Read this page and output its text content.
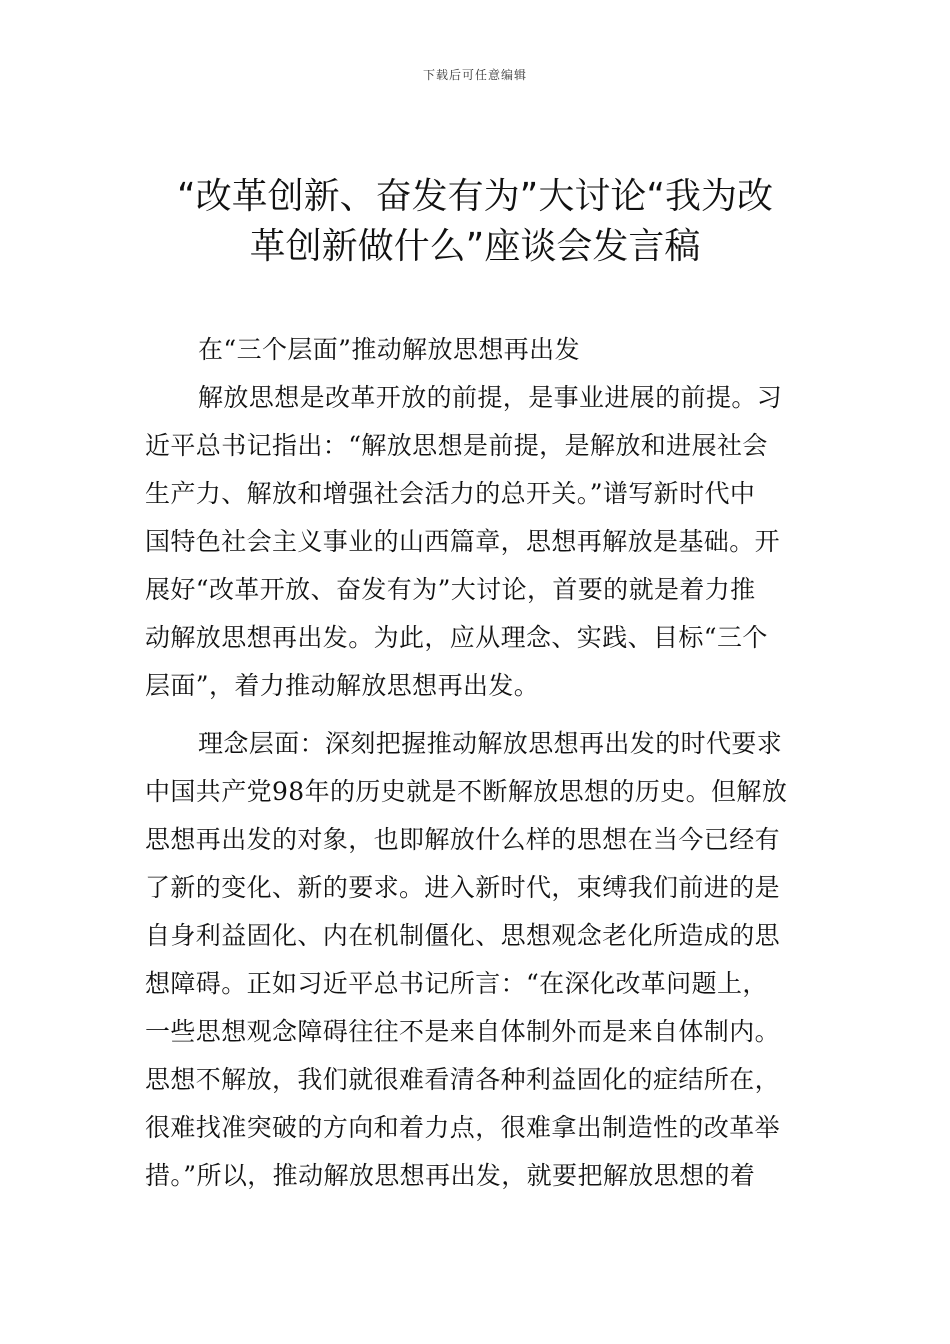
下载后可任意编辑
“改革创新、奋发有为”大讨论“我为改
革创新做什么”座谈会发言稿
在“三个层面”推动解放思想再出发
解放思想是改革开放的前提，是事业进展的前提。习
近平总书记指出：“解放思想是前提，是解放和进展社会
生产力、解放和增强社会活力的总开关。”谱写新时代中
国特色社会主义事业的山西篇章，思想再解放是基础。开
展好“改革开放、奋发有为”大讨论，首要的就是着力推
动解放思想再出发。为此，应从理念、实践、目标“三个
层面”，着力推动解放思想再出发。
理念层面：深刻把握推动解放思想再出发的时代要求
中国共产党98年的历史就是不断解放思想的历史。但解放
思想再出发的对象，也即解放什么样的思想在当今已经有
了新的变化、新的要求。进入新时代，束缚我们前进的是
自身利益固化、内在机制僵化、思想观念老化所造成的思
想障碍。正如习近平总书记所言：“在深化改革问题上，
一些思想观念障碍往往不是来自体制外而是来自体制内。
思想不解放，我们就很难看清各种利益固化的症结所在，
很难找准突破的方向和着力点，很难拿出制造性的改革举
措。”所以，推动解放思想再出发，就要把解放思想的着
